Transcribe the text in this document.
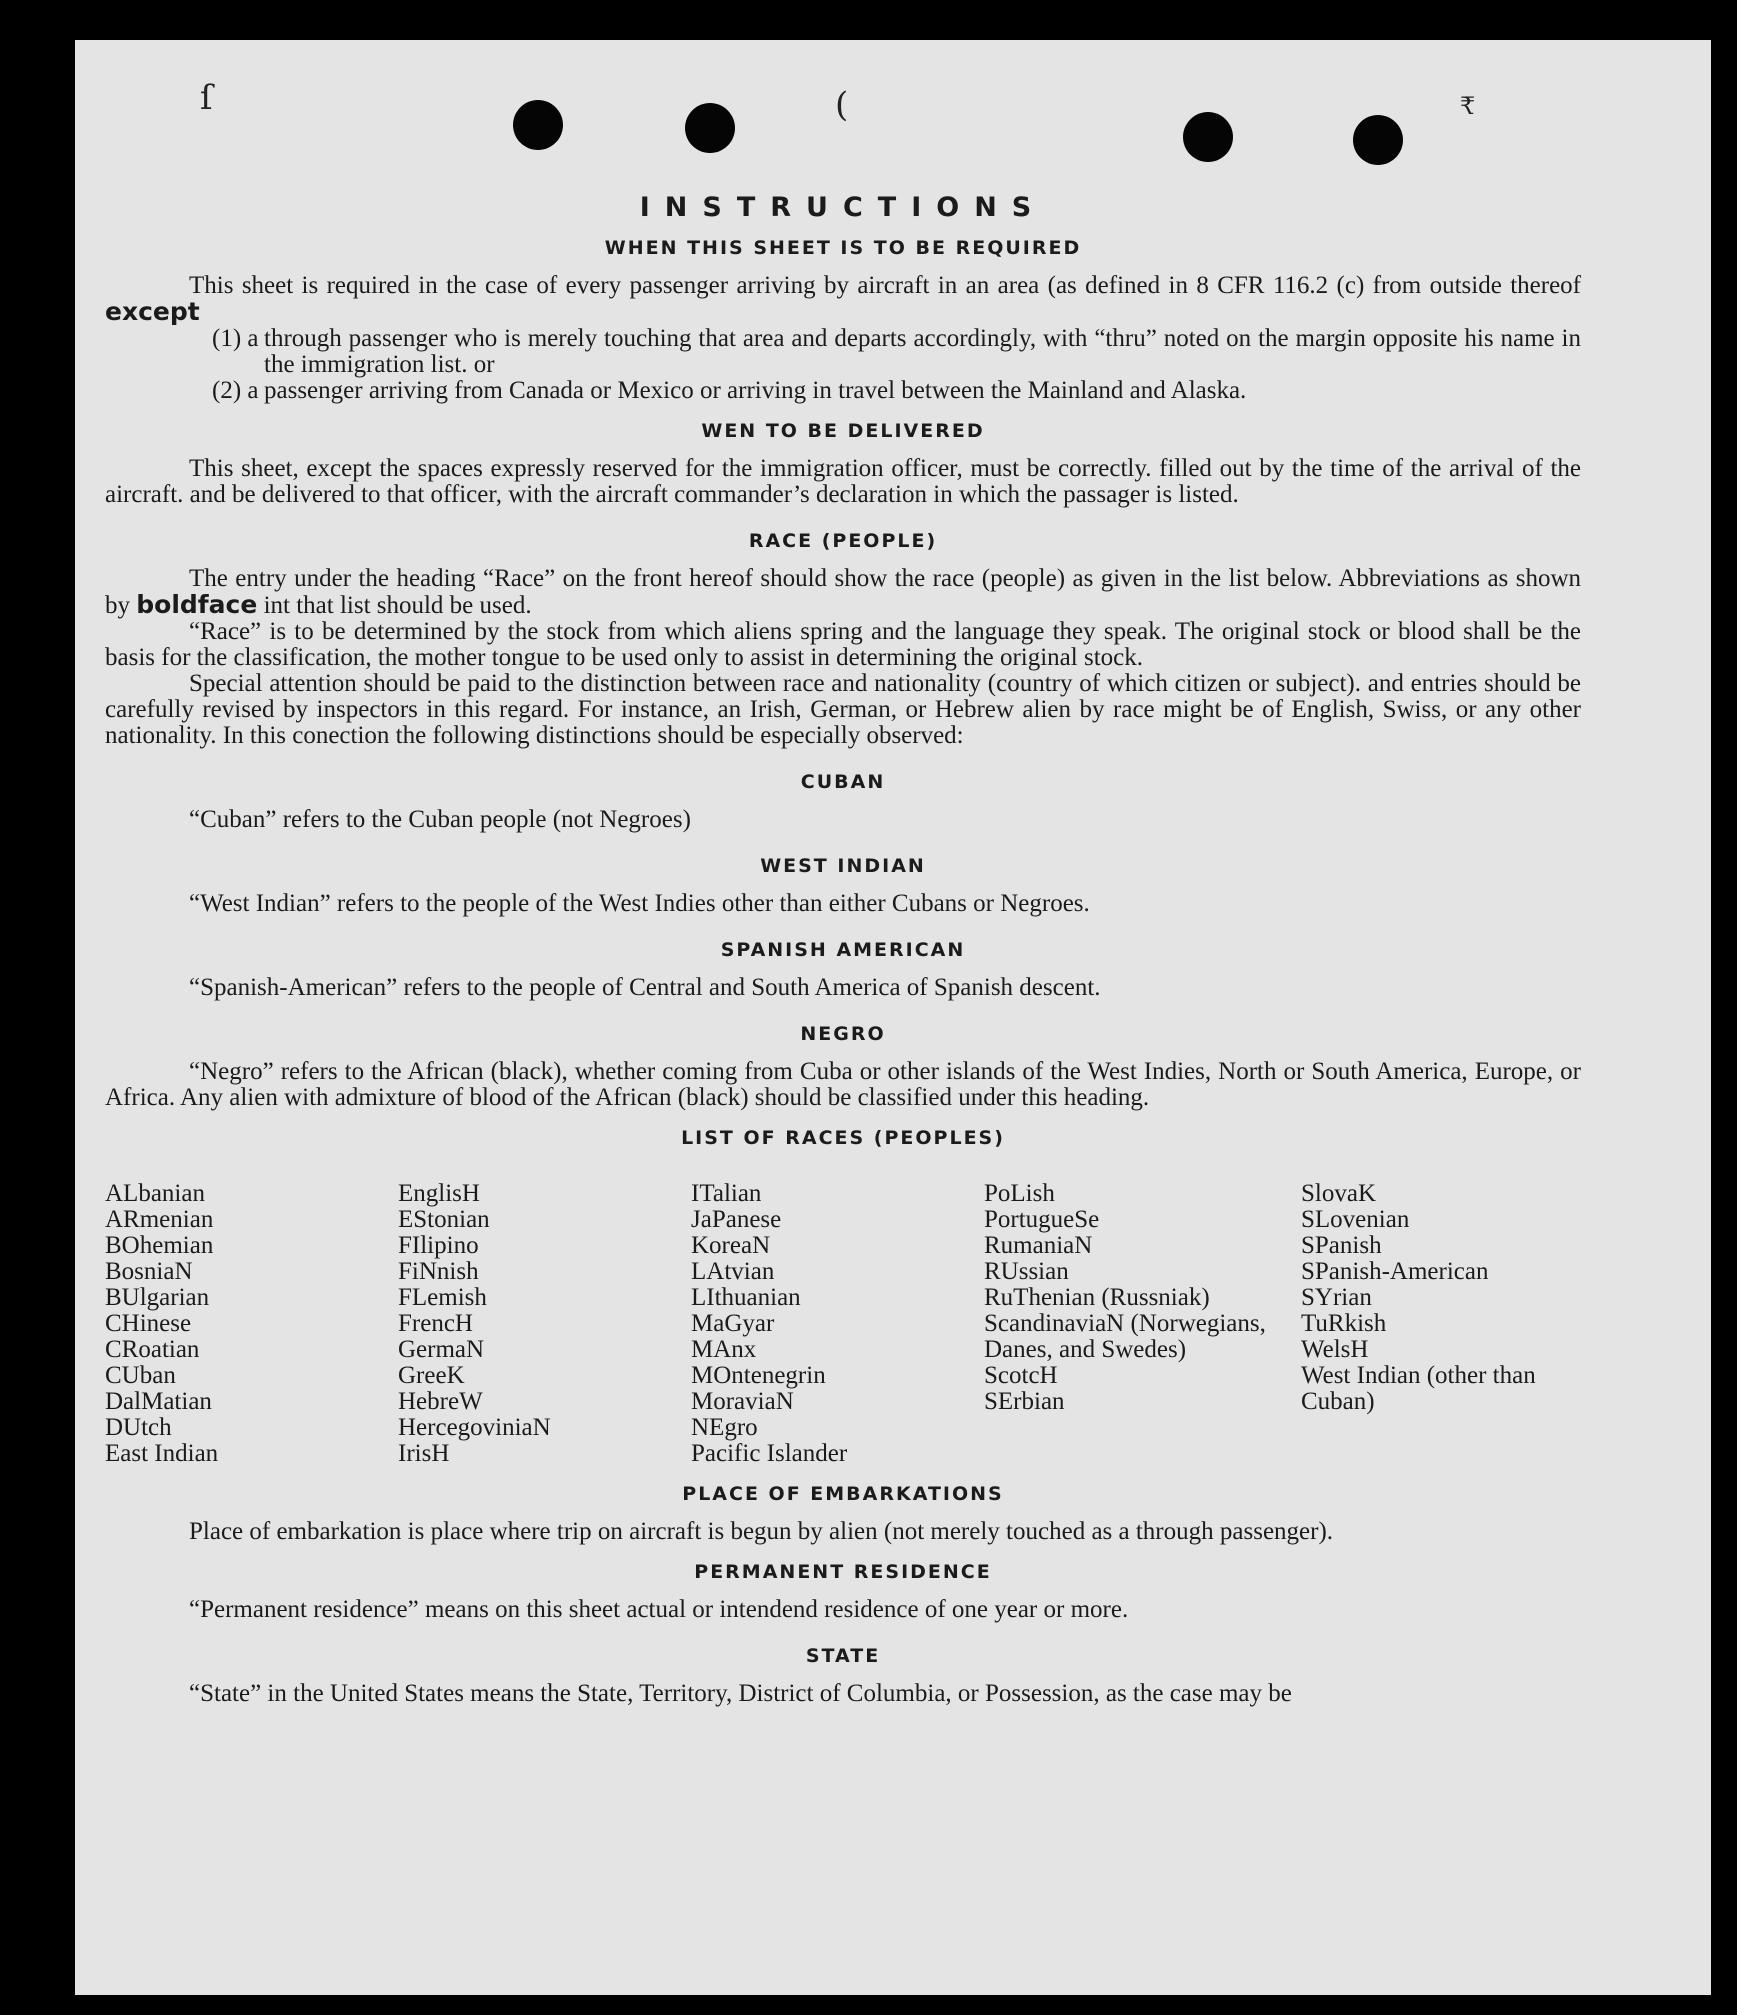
ſ	(	₹
INSTRUCTIONS
WHEN THIS SHEET IS TO BE REQUIRED

This sheet is required in the case of every passenger arriving by aircraft in an area (as defined in 8 CFR 116.2 (c) from outside thereof except

(1) a through passenger who is merely touching that area and departs accordingly, with “thru” noted on the margin opposite his name in the immigration list. or
(2) a passenger arriving from Canada or Mexico or arriving in travel between the Mainland and Alaska.
WEN TO BE DELIVERED

This sheet, except the spaces expressly reserved for the immigration officer, must be correctly. filled out by the time of the arrival of the aircraft. and be delivered to that officer, with the aircraft commander’s declaration in which the passager is listed.

RACE (PEOPLE)

The entry under the heading “Race” on the front hereof should show the race (people) as given in the list below. Abbreviations as shown by boldface int that list should be used.

“Race” is to be determined by the stock from which aliens spring and the language they speak. The original stock or blood shall be the basis for the classification, the mother tongue to be used only to assist in determining the original stock.

Special attention should be paid to the distinction between race and nationality (country of which citizen or subject). and entries should be carefully revised by inspectors in this regard. For instance, an Irish, German, or Hebrew alien by race might be of English, Swiss, or any other nationality. In this conection the following distinctions should be especially observed:

CUBAN

“Cuban” refers to the Cuban people (not Negroes)

WEST INDIAN

“West Indian” refers to the people of the West Indies other than either Cubans or Negroes.

SPANISH AMERICAN

“Spanish-American” refers to the people of Central and South America of Spanish descent.

NEGRO

“Negro” refers to the African (black), whether coming from Cuba or other islands of the West Indies, North or South America, Europe, or Africa. Any alien with admixture of blood of the African (black) should be classified under this heading.

LIST OF RACES (PEOPLES)
ALbanian
ARmenian
BOhemian
BosniaN
BUlgarian
CHinese
CRoatian
CUban
DalMatian
DUtch
East Indian
EnglisH
EStonian
FIlipino
FiNnish
FLemish
FrencH
GermaN
GreeK
HebreW
HercegovinіaN
IrisH
ITalian
JaPanese
KoreaN
LAtvian
LIthuanian
MaGyar
MAnx
MOntenegrin
MoraviaN
NEgro
Pacific Islander
PoLish
PortugueSe
RumaniaN
RUssian
RuThenian (Russniak)
ScandinaviaN (Norwegians, Danes, and Swedes)
ScotcH
SErbian
SlovaK
SLovenian
SPanish
SPanish-American
SYrian
TuRkish
WelsH
West Indian (other than Cuban)
PLACE OF EMBARKATIONS

Place of embarkation is place where trip on aircraft is begun by alien (not merely touched as a through passenger).

PERMANENT RESIDENCE

“Permanent residence” means on this sheet actual or intendend residence of one year or more.

STATE

“State” in the United States means the State, Territory, District of Columbia, or Possession, as the case may be
